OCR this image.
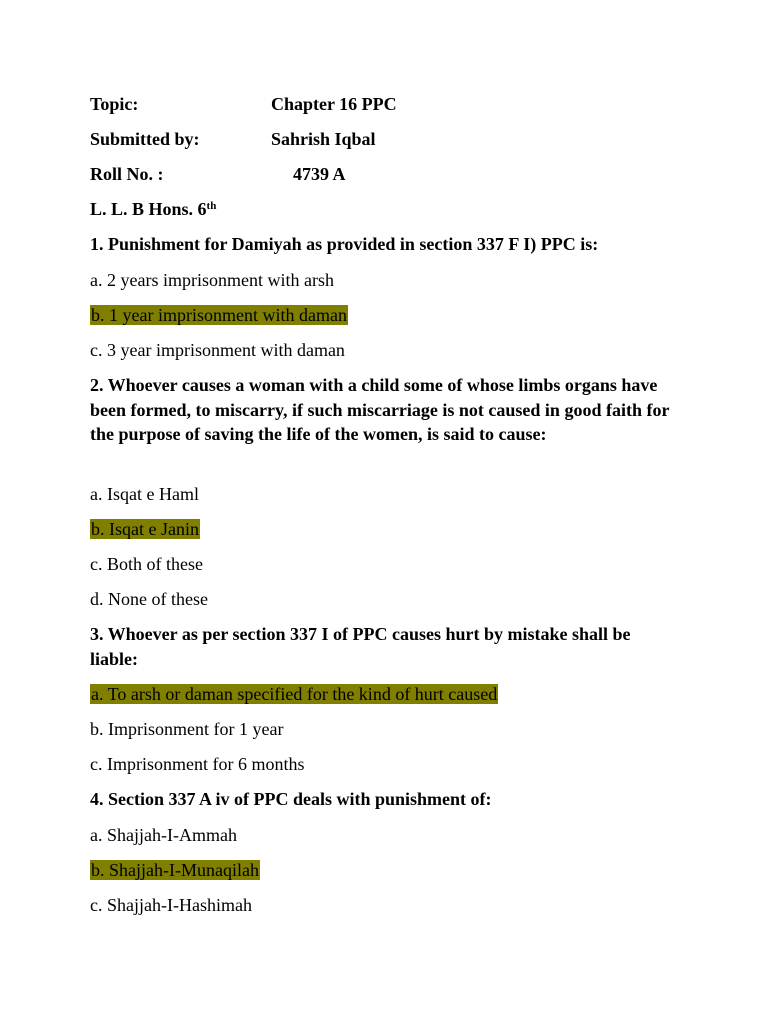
Topic:	Chapter 16 PPC
Submitted by:	Sahrish Iqbal
Roll No. :	4739 A
L. L. B Hons. 6th
1. Punishment for Damiyah as provided in section 337 F I) PPC is:
a. 2 years imprisonment with arsh
b. 1 year imprisonment with daman
c. 3 year imprisonment with daman
2. Whoever causes a woman with a child some of whose limbs organs have been formed, to miscarry, if such miscarriage is not caused in good faith for the purpose of saving the life of the women, is said to cause:
a. Isqat e Haml
b. Isqat e Janin
c. Both of these
d. None of these
3. Whoever as per section 337 I of PPC causes hurt by mistake shall be liable:
a. To arsh or daman specified for the kind of hurt caused
b. Imprisonment for 1 year
c. Imprisonment for 6 months
4. Section 337 A iv of PPC deals with punishment of:
a. Shajjah-I-Ammah
b. Shajjah-I-Munaqilah
c. Shajjah-I-Hashimah
